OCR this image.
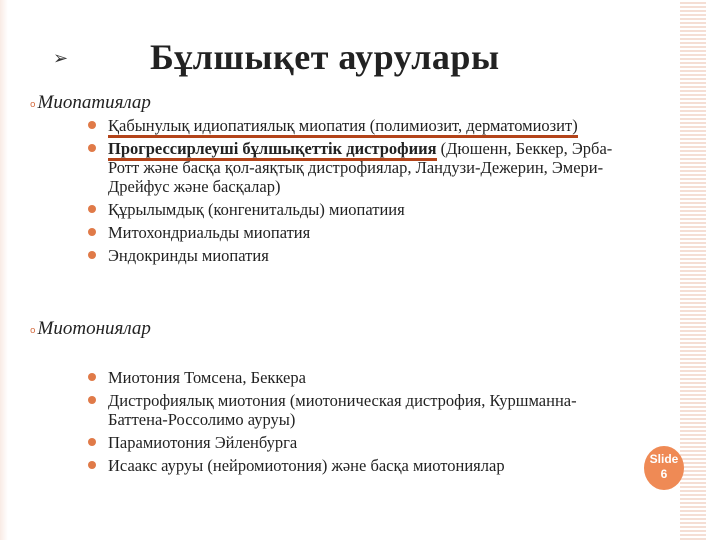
➢ Бұлшықет аурулары
o Миопатиялар
Қабынулық идиопатиялық миопатия (полимиозит, дерматомиозит)
Прогрессирлеуші бұлшықеттік дистрофиия (Дюшенн, Беккер, Эрба-Ротт және басқа қол-аяқтық дистрофиялар, Ландузи-Дежерин, Эмери-Дрейфус және басқалар)
Құрылымдық (конгенитальды) миопатиия
Митохондриальды миопатия
Эндокринды миопатия
o Миотониялар
Миотония Томсена, Беккера
Дистрофиялық миотония (миотоническая дистрофия, Куршманна-Баттена-Россолимо ауруы)
Парамиотония Эйленбурга
Исаакс ауруы (нейромиотония) және басқа миотониялар	Slide
6
